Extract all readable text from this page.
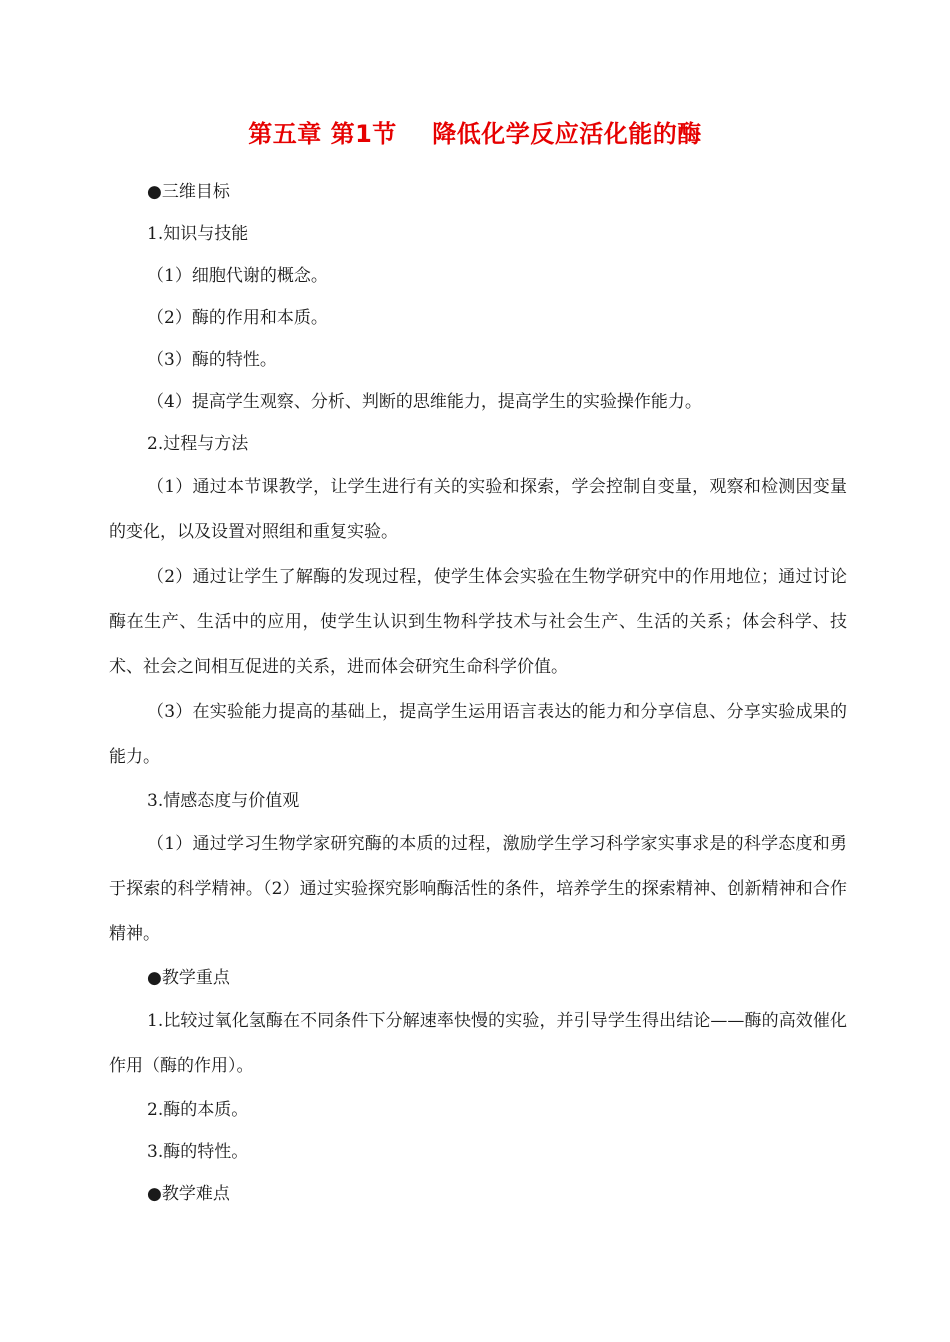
第五章 第1节    降低化学反应活化能的酶
●三维目标
1.知识与技能
（1）细胞代谢的概念。
（2）酶的作用和本质。
（3）酶的特性。
（4）提高学生观察、分析、判断的思维能力，提高学生的实验操作能力。
2.过程与方法
（1）通过本节课教学，让学生进行有关的实验和探索，学会控制自变量，观察和检测因变量的变化，以及设置对照组和重复实验。
（2）通过让学生了解酶的发现过程，使学生体会实验在生物学研究中的作用地位；通过讨论酶在生产、生活中的应用，使学生认识到生物科学技术与社会生产、生活的关系；体会科学、技术、社会之间相互促进的关系，进而体会研究生命科学价值。
（3）在实验能力提高的基础上，提高学生运用语言表达的能力和分享信息、分享实验成果的能力。
3.情感态度与价值观
（1）通过学习生物学家研究酶的本质的过程，激励学生学习科学家实事求是的科学态度和勇于探索的科学精神。（2）通过实验探究影响酶活性的条件，培养学生的探索精神、创新精神和合作精神。
●教学重点
1.比较过氧化氢酶在不同条件下分解速率快慢的实验，并引导学生得出结论——酶的高效催化作用（酶的作用）。
2.酶的本质。
3.酶的特性。
●教学难点
